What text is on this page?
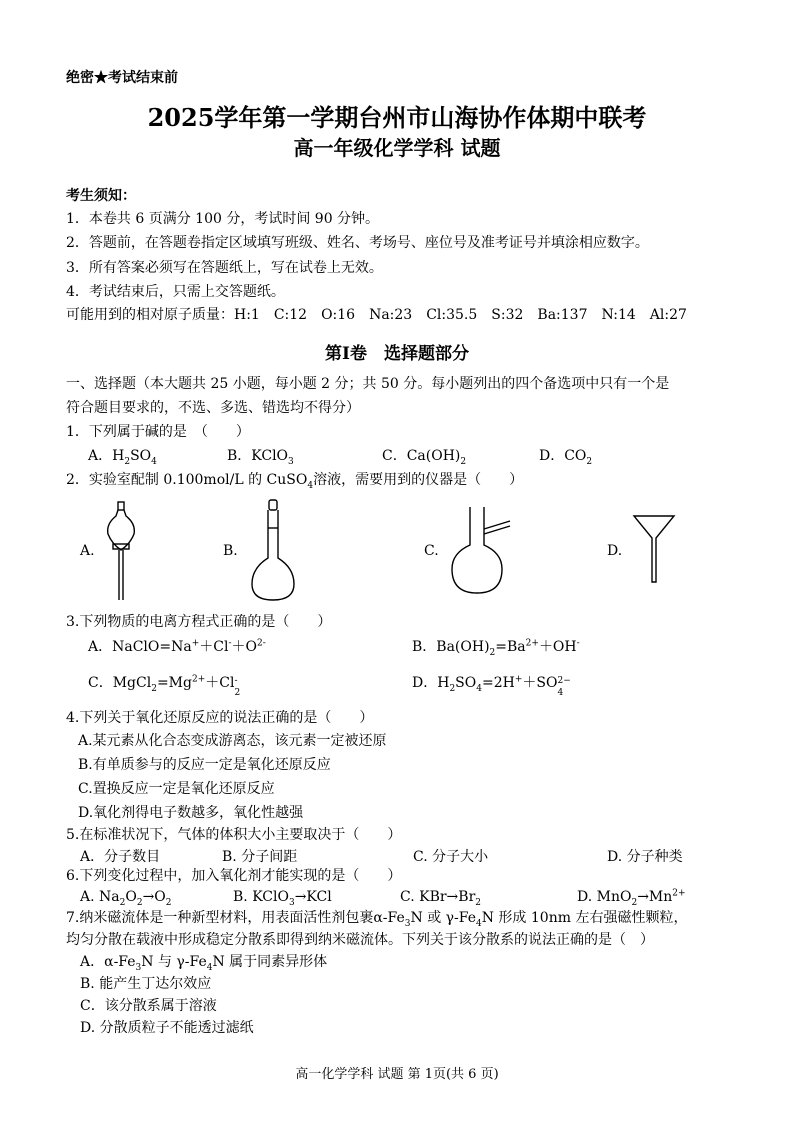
绝密★考试结束前
2025学年第一学期台州市山海协作体期中联考
高一年级化学学科 试题
考生须知：
1．本卷共 6 页满分 100 分，考试时间 90 分钟。
2．答题前，在答题卷指定区域填写班级、姓名、考场号、座位号及准考证号并填涂相应数字。
3．所有答案必须写在答题纸上，写在试卷上无效。
4．考试结束后，只需上交答题纸。
可能用到的相对原子质量：H:1　C:12　O:16　Na:23　Cl:35.5　S:32　Ba:137　N:14　Al:27
第Ⅰ卷　选择题部分
一、选择题（本大题共 25 小题，每小题 2 分；共 50 分。每小题列出的四个备选项中只有一个是
符合题目要求的，不选、多选、错选均不得分）
1．下列属于碱的是　（　　）
A．$H_2SO_4$	B．KClO$_3$	C．$Ca(OH)_2$	D．$CO_2$
2．实验室配制 0.100mol/L 的 CuSO$_4$溶液，需要用到的仪器是（　　）
A.	B.	C.	D.
3.下列物质的电离方程式正确的是（　　）
A．$NaClO=Na^++Cl^-+O^{2-}$	B．$Ba(OH)_2=Ba^{2+}+OH^-$
C．$MgCl_2=Mg^{2+}+Cl$ -
2
D．$H_2SO_4=2H^++SO$ 2−
4
4.下列关于氧化还原反应的说法正确的是（　　）
A.某元素从化合态变成游离态，该元素一定被还原
B.有单质参与的反应一定是氧化还原反应
C.置换反应一定是氧化还原反应
D.氧化剂得电子数越多，氧化性越强
5.在标准状况下，气体的体积大小主要取决于（　　）
A．分子数目	B. 分子间距	C. 分子大小	D. 分子种类
6.下列变化过程中，加入氧化剂才能实现的是（　　）
A. $Na_2O_2\to O_2$	B. KClO$_3$→KCl	C. $KBr\to Br_2$	D. $MnO_2\to Mn^{2+}$
7.纳米磁流体是一种新型材料，用表面活性剂包裹$\alpha-Fe_3N$ 或 $\gamma-Fe_4N$ 形成 10nm 左右强磁性颗粒，
均匀分散在载液中形成稳定分散系即得到纳米磁流体。下列关于该分散系的说法正确的是（　）
A．$\alpha-Fe_3N$ 与 $\gamma-Fe_4N$ 属于同素异形体
B. 能产生丁达尔效应
C．该分散系属于溶液
D. 分散质粒子不能透过滤纸
高一化学学科 试题 第 1页(共 6 页)
